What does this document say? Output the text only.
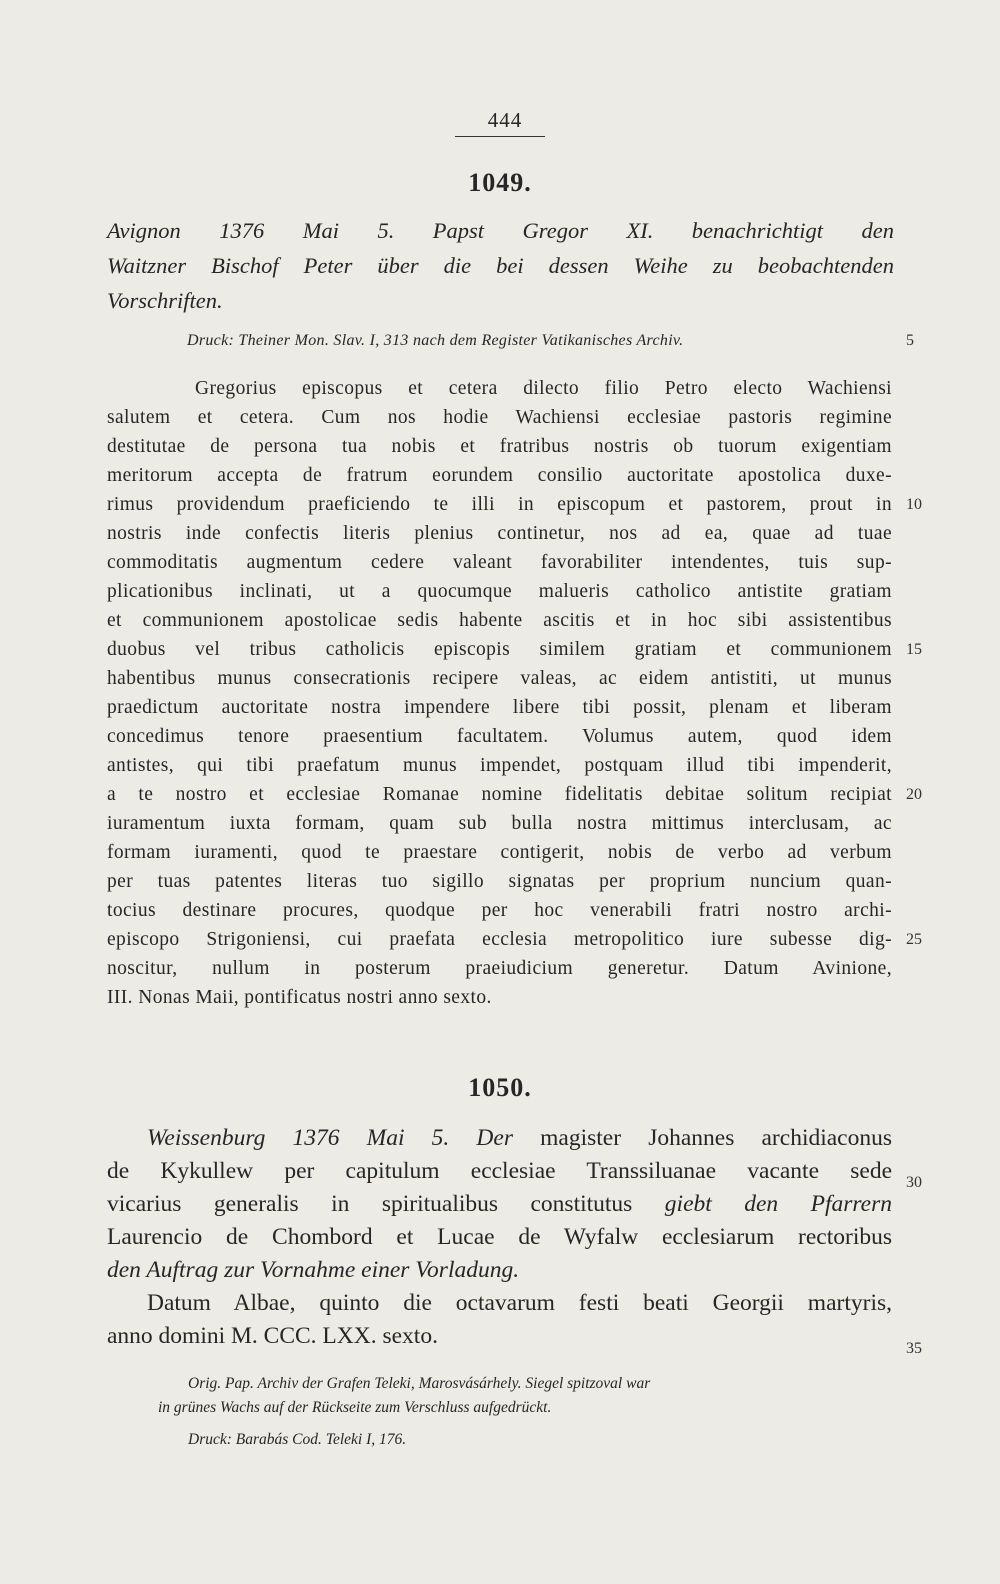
444
1049.
Avignon 1376 Mai 5. Papst Gregor XI. benachrichtigt den
Waitzner Bischof Peter über die bei dessen Weihe zu beobachtenden
Vorschriften.
Druck: Theiner Mon. Slav. I, 313 nach dem Register Vatikanisches Archiv.

Gregorius episcopus et cetera dilecto filio Petro electo Wachiensi

salutem et cetera. Cum nos hodie Wachiensi ecclesiae pastoris regimine

destitutae de persona tua nobis et fratribus nostris ob tuorum exigentiam

meritorum accepta de fratrum eorundem consilio auctoritate apostolica duxe-

rimus providendum praeficiendo te illi in episcopum et pastorem, prout in

nostris inde confectis literis plenius continetur, nos ad ea, quae ad tuae

commoditatis augmentum cedere valeant favorabiliter intendentes, tuis sup-

plicationibus inclinati, ut a quocumque malueris catholico antistite gratiam

et communionem apostolicae sedis habente ascitis et in hoc sibi assistentibus

duobus vel tribus catholicis episcopis similem gratiam et communionem

habentibus munus consecrationis recipere valeas, ac eidem antistiti, ut munus

praedictum auctoritate nostra impendere libere tibi possit, plenam et liberam

concedimus tenore praesentium facultatem. Volumus autem, quod idem

antistes, qui tibi praefatum munus impendet, postquam illud tibi impenderit,

a te nostro et ecclesiae Romanae nomine fidelitatis debitae solitum recipiat

iuramentum iuxta formam, quam sub bulla nostra mittimus interclusam, ac

formam iuramenti, quod te praestare contigerit, nobis de verbo ad verbum

per tuas patentes literas tuo sigillo signatas per proprium nuncium quan-

tocius destinare procures, quodque per hoc venerabili fratri nostro archi-

episcopo Strigoniensi, cui praefata ecclesia metropolitico iure subesse dig-

noscitur, nullum in posterum praeiudicium generetur. Datum Avinione,

III. Nonas Maii, pontificatus nostri anno sexto.

5
10
15
20
25
30
35
1050.

Weissenburg 1376 Mai 5. Der magister Johannes archidiaconus

de Kykullew per capitulum ecclesiae Transsiluanae vacante sede

vicarius generalis in spiritualibus constitutus giebt den Pfarrern

Laurencio de Chombord et Lucae de Wyfalw ecclesiarum rectoribus

den Auftrag zur Vornahme einer Vorladung.

Datum Albae, quinto die octavarum festi beati Georgii martyris,

anno domini M. CCC. LXX. sexto.

Orig. Pap. Archiv der Grafen Teleki, Marosvásárhely. Siegel spitzoval war

in grünes Wachs auf der Rückseite zum Verschluss aufgedrückt.

Druck: Barabás Cod. Teleki I, 176.
